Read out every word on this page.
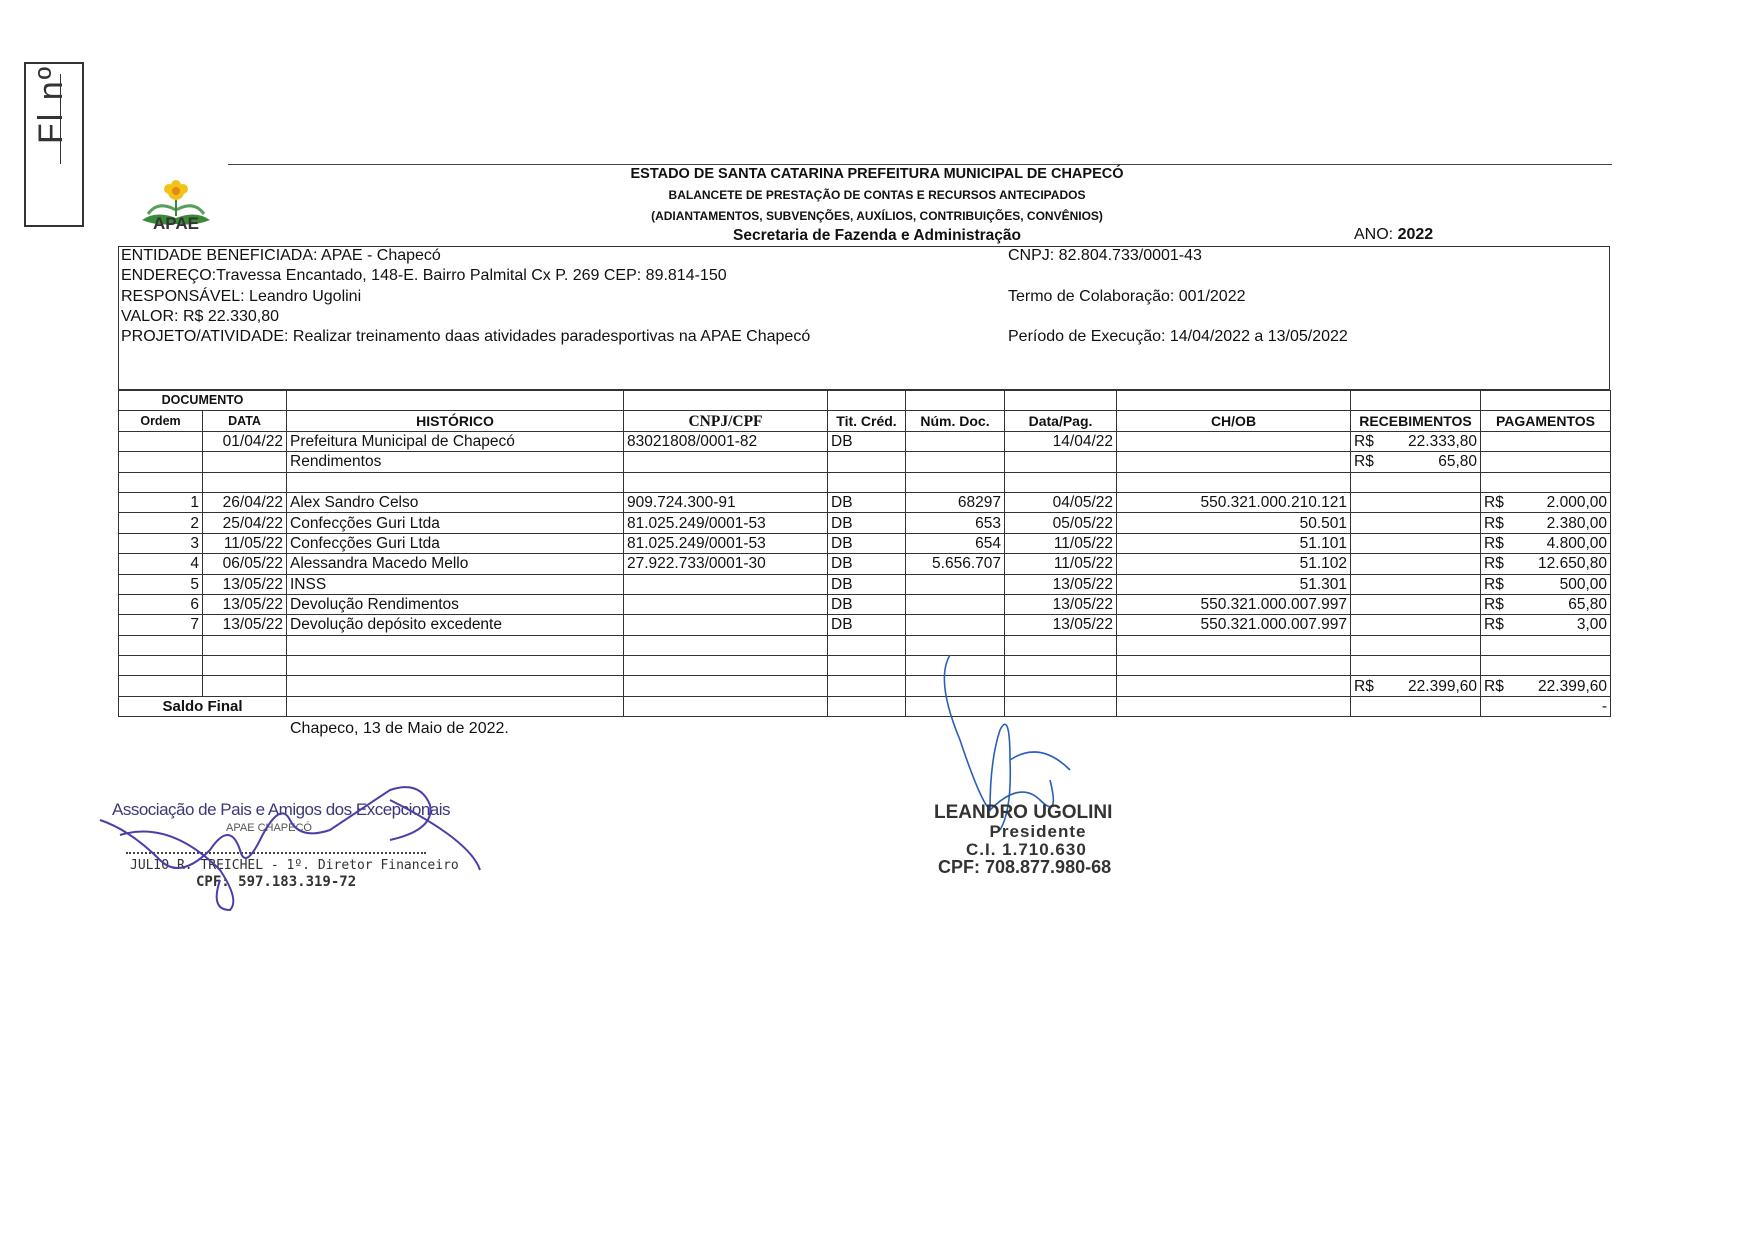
Fl nº
APAE
ESTADO DE SANTA CATARINA PREFEITURA MUNICIPAL DE CHAPECÓ
BALANCETE DE PRESTAÇÃO DE CONTAS E RECURSOS ANTECIPADOS
(ADIANTAMENTOS, SUBVENÇÕES, AUXÍLIOS, CONTRIBUIÇÕES, CONVÊNIOS)
Secretaria de Fazenda e Administração	ANO: 2022
ENTIDADE BENEFICIADA: APAE - Chapecó
ENDEREÇO:Travessa Encantado, 148-E. Bairro Palmital Cx P. 269 CEP: 89.814-150
RESPONSÁVEL: Leandro Ugolini
VALOR: R$ 22.330,80
PROJETO/ATIVIDADE: Realizar treinamento daas atividades paradesportivas na APAE Chapecó
CNPJ: 82.804.733/0001-43
Termo de Colaboração: 001/2022
Período de Execução: 14/04/2022 a 13/05/2022
DOCUMENTO									
Ordem	DATA	HISTÓRICO	CNPJ/CPF	Tit. Créd.	Núm. Doc.	Data/Pag.	CH/OB	RECEBIMENTOS	PAGAMENTOS
	01/04/22	Prefeitura Municipal de Chapecó	83021808/0001-82	DB		14/04/22		R$ 22.333,80	
		Rendimentos						R$ 65,80	

1	26/04/22	Alex Sandro Celso	909.724.300-91	DB	68297	04/05/22	550.321.000.210.121		R$ 2.000,00
2	25/04/22	Confecções Guri Ltda	81.025.249/0001-53	DB	653	05/05/22	50.501		R$ 2.380,00
3	11/05/22	Confecções Guri Ltda	81.025.249/0001-53	DB	654	11/05/22	51.101		R$ 4.800,00
4	06/05/22	Alessandra Macedo Mello	27.922.733/0001-30	DB	5.656.707	11/05/22	51.102		R$ 12.650,80
5	13/05/22	INSS		DB		13/05/22	51.301		R$ 500,00
6	13/05/22	Devolução Rendimentos		DB		13/05/22	550.321.000.007.997		R$ 65,80
7	13/05/22	Devolução depósito excedente		DB		13/05/22	550.321.000.007.997		R$ 3,00

								R$ 22.399,60	R$ 22.399,60
Saldo Final									-
Chapeco, 13 de Maio de 2022.
Associação de Pais e Amigos dos Excepcionais
APAE CHAPECÓ
JULIO R. TREICHEL - 1º. Diretor Financeiro
CPF: 597.183.319-72
LEANDRO UGOLINI
Presidente
C.I. 1.710.630
CPF: 708.877.980-68
